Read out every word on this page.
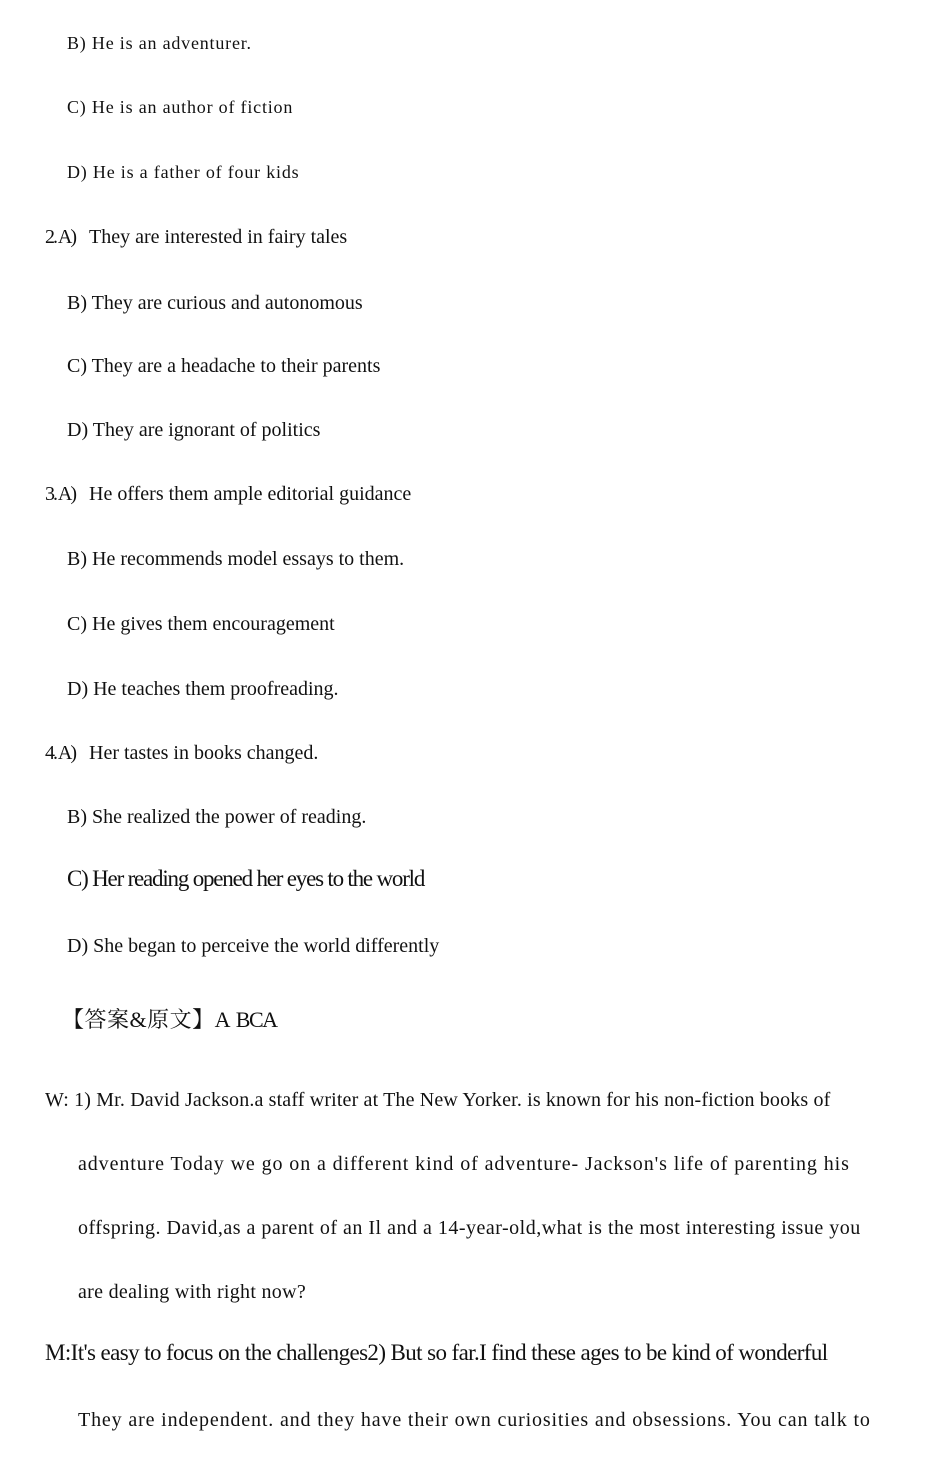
B) He is an adventurer.
C) He is an author of fiction
D) He is a father of four kids
2. A) They are interested in fairy tales
B) They are curious and autonomous
C) They are a headache to their parents
D) They are ignorant of politics
3. A) He offers them ample editorial guidance
B) He recommends model essays to them.
C) He gives them encouragement
D) He teaches them proofreading.
4. A) Her tastes in books changed.
B) She realized the power of reading.
C) Her reading opened her eyes to the world
D) She began to perceive the world differently
【答案&原文】A BCA
W: 1) Mr. David Jackson.a staff writer at The New Yorker. is known for his non-fiction books of
adventure Today we go on a different kind of adventure- Jackson's life of parenting his
offspring. David,as a parent of an Il and a 14-year-old,what is the most interesting issue you
are dealing with right now?
M:It's easy to focus on the challenges2) But so far.I find these ages to be kind of wonderful
They are independent. and they have their own curiosities and obsessions. You can talk to
